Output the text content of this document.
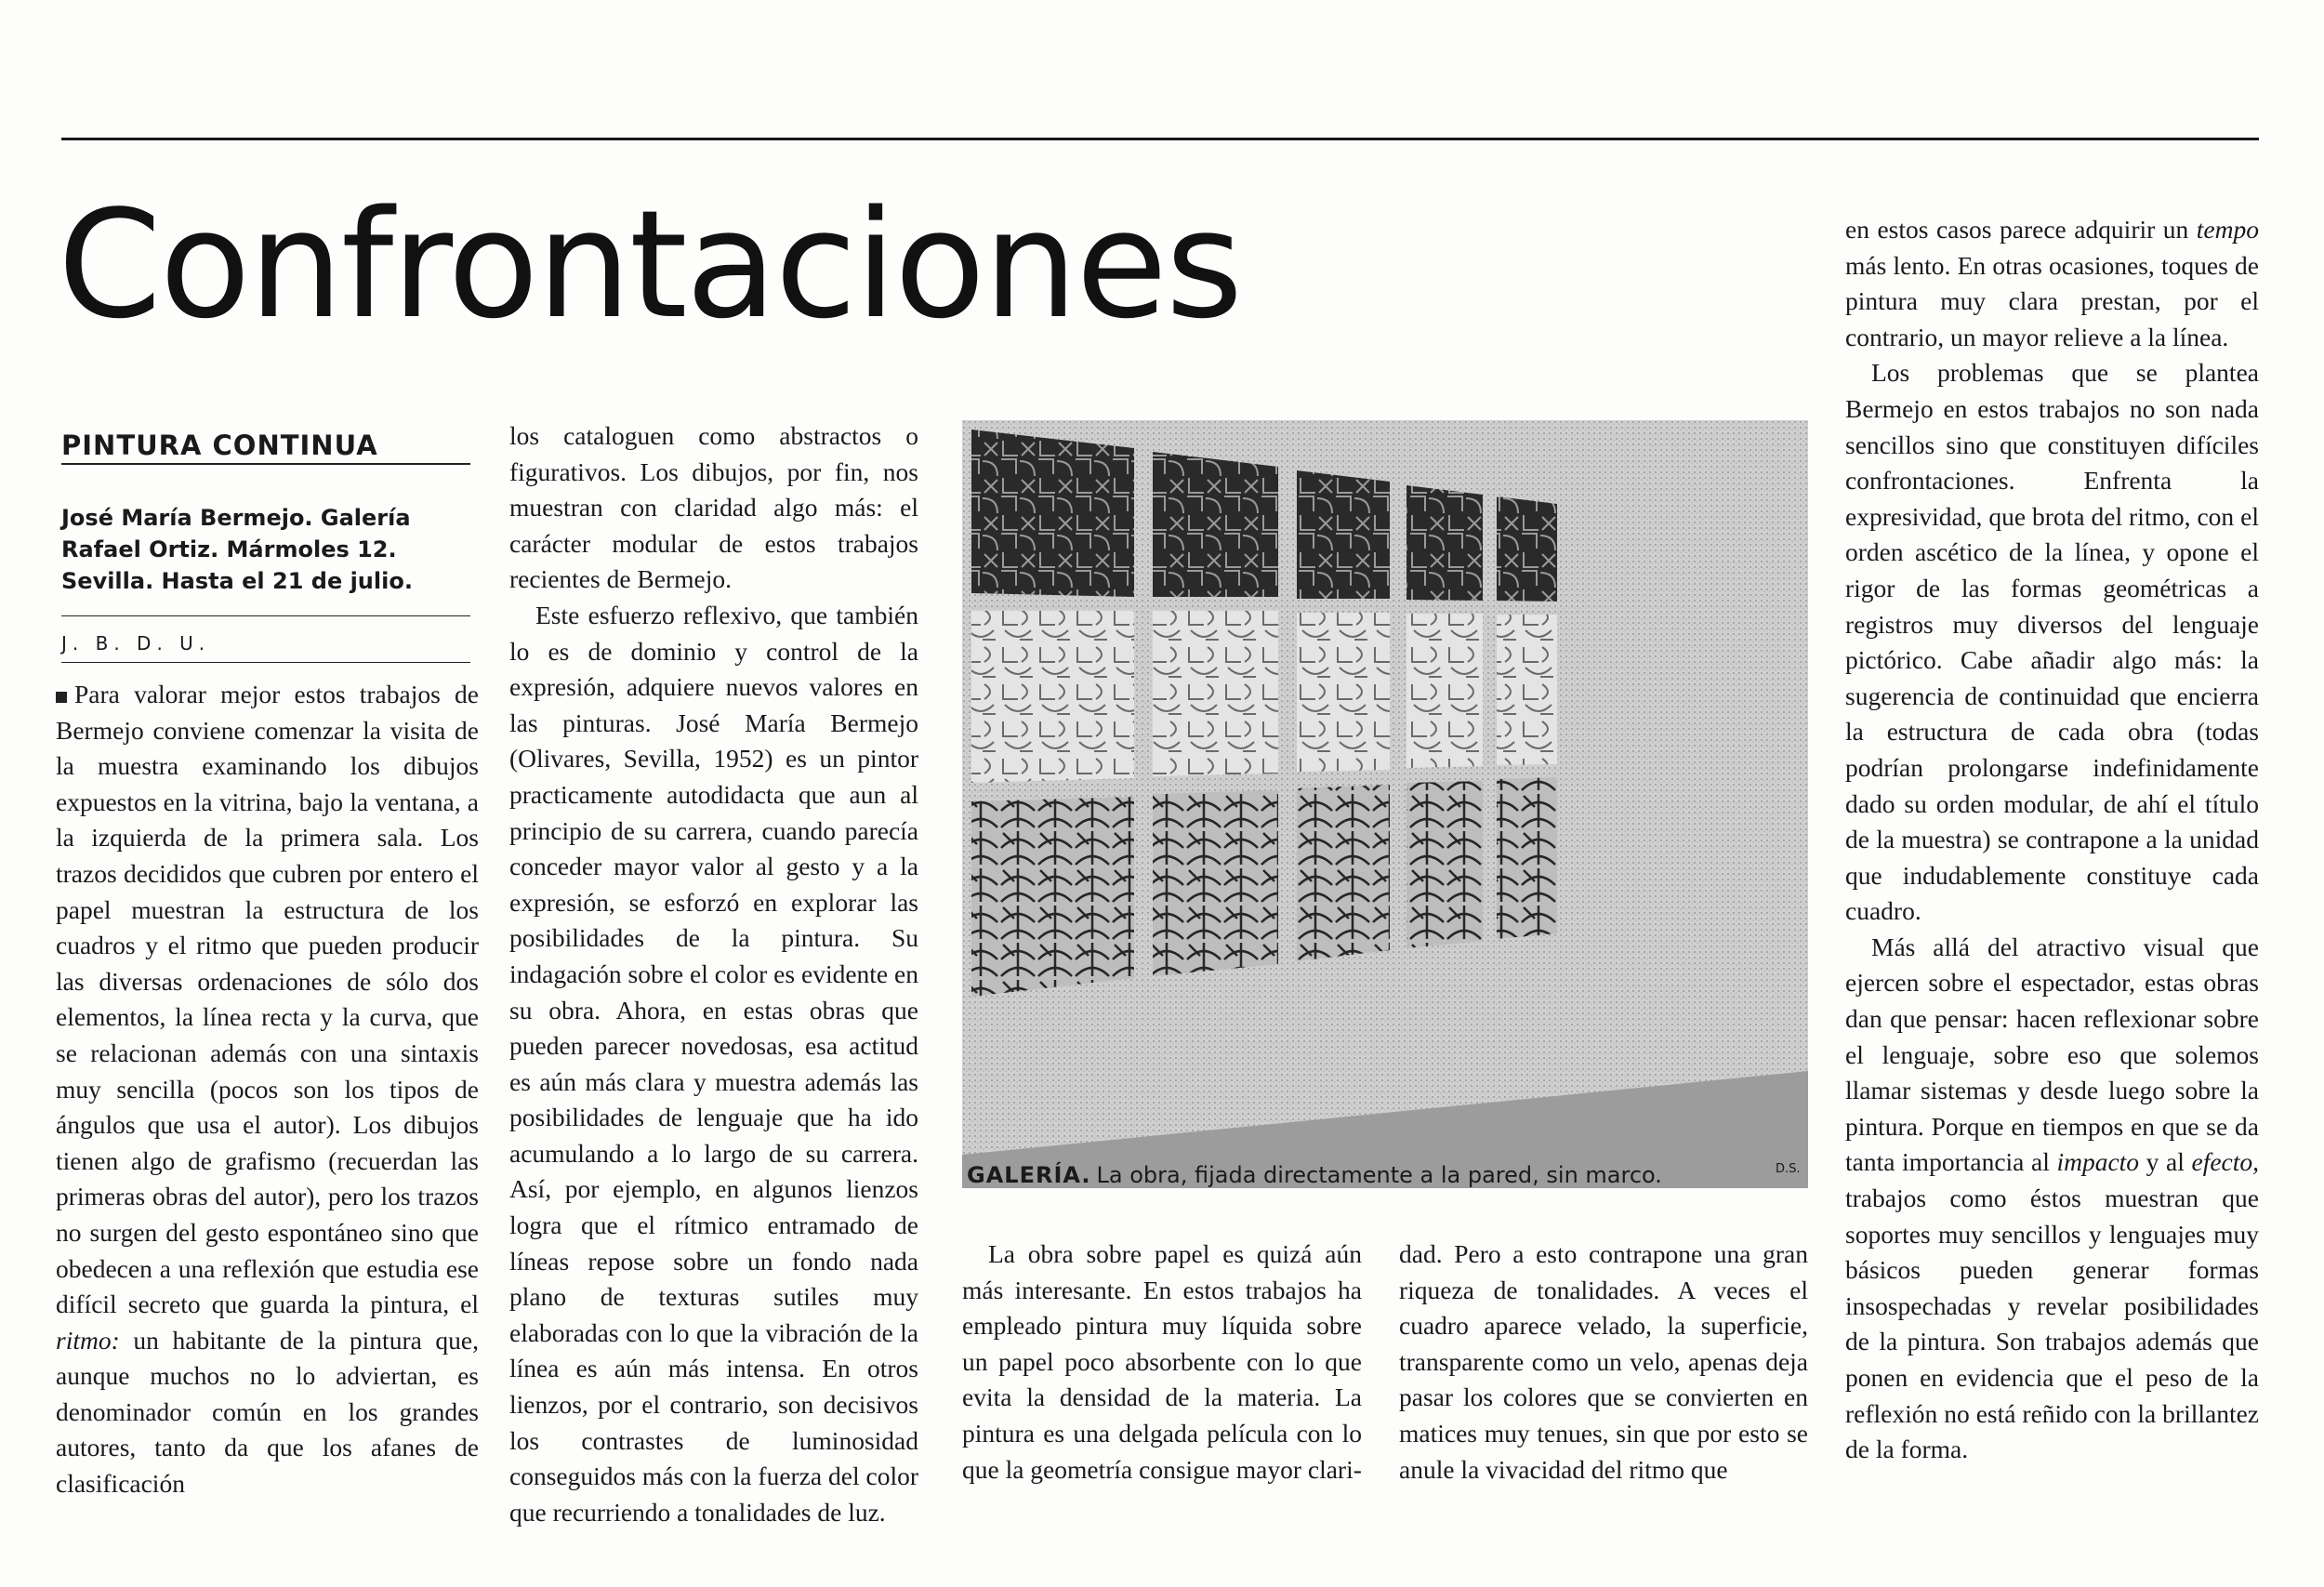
Confrontaciones
PINTURA CONTINUA
José María Bermejo. Galería Rafael Ortiz. Mármoles 12. Sevilla. Hasta el 21 de julio.
J. B. D. U.

Para valorar mejor estos trabajos de Bermejo conviene comenzar la visita de la muestra examinando los dibujos expuestos en la vitrina, bajo la ventana, a la izquierda de la primera sala. Los trazos decididos que cubren por entero el papel muestran la estructura de los cuadros y el ritmo que pueden producir las diversas ordenaciones de sólo dos elementos, la línea recta y la curva, que se relacionan además con una sintaxis muy sencilla (pocos son los tipos de ángulos que usa el autor). Los dibujos tienen algo de grafismo (recuerdan las primeras obras del autor), pero los trazos no surgen del gesto espontáneo sino que obedecen a una reflexión que estudia ese difícil secreto que guarda la pintura, el ritmo: un habitante de la pintura que, aunque muchos no lo adviertan, es denominador común en los grandes autores, tanto da que los afanes de clasificación

los cataloguen como abstractos o figurativos. Los dibujos, por fin, nos muestran con claridad algo más: el carácter modular de estos trabajos recientes de Bermejo.

Este esfuerzo reflexivo, que también lo es de dominio y control de la expresión, adquiere nuevos valores en las pinturas. José María Bermejo (Olivares, Sevilla, 1952) es un pintor practicamente autodidacta que aun al principio de su carrera, cuando parecía conceder mayor valor al gesto y a la expresión, se esforzó en explorar las posibilidades de la pintura. Su indagación sobre el color es evidente en su obra. Ahora, en estas obras que pueden parecer novedosas, esa actitud es aún más clara y muestra además las posibilidades de lenguaje que ha ido acumulando a lo largo de su carrera. Así, por ejemplo, en algunos lienzos logra que el rítmico entramado de líneas repose sobre un fondo nada plano de texturas sutiles muy elaboradas con lo que la vibración de la línea es aún más intensa. En otros lienzos, por el contrario, son decisivos los contrastes de luminosidad conseguidos más con la fuerza del color que recurriendo a tonalidades de luz.

GALERÍA. La obra, fijada directamente a la pared, sin marco.	D.S.

La obra sobre papel es quizá aún más interesante. En estos trabajos ha empleado pintura muy líquida sobre un papel poco absorbente con lo que evita la densidad de la materia. La pintura es una delgada película con lo que la geometría consigue mayor clari-

dad. Pero a esto contrapone una gran riqueza de tonalidades. A veces el cuadro aparece velado, la superficie, transparente como un velo, apenas deja pasar los colores que se convierten en matices muy tenues, sin que por esto se anule la vivacidad del ritmo que

en estos casos parece adquirir un tempo más lento. En otras ocasiones, toques de pintura muy clara prestan, por el contrario, un mayor relieve a la línea.

Los problemas que se plantea Bermejo en estos trabajos no son nada sencillos sino que constituyen difíciles confrontaciones. Enfrenta la expresividad, que brota del ritmo, con el orden ascético de la línea, y opone el rigor de las formas geométricas a registros muy diversos del lenguaje pictórico. Cabe añadir algo más: la sugerencia de continuidad que encierra la estructura de cada obra (todas podrían prolongarse indefinidamente dado su orden modular, de ahí el título de la muestra) se contrapone a la unidad que indudablemente constituye cada cuadro.

Más allá del atractivo visual que ejercen sobre el espectador, estas obras dan que pensar: hacen reflexionar sobre el lenguaje, sobre eso que solemos llamar sistemas y desde luego sobre la pintura. Porque en tiempos en que se da tanta importancia al impacto y al efecto, trabajos como éstos muestran que soportes muy sencillos y lenguajes muy básicos pueden generar formas insospechadas y revelar posibilidades de la pintura. Son trabajos además que ponen en evidencia que el peso de la reflexión no está reñido con la brillantez de la forma.
